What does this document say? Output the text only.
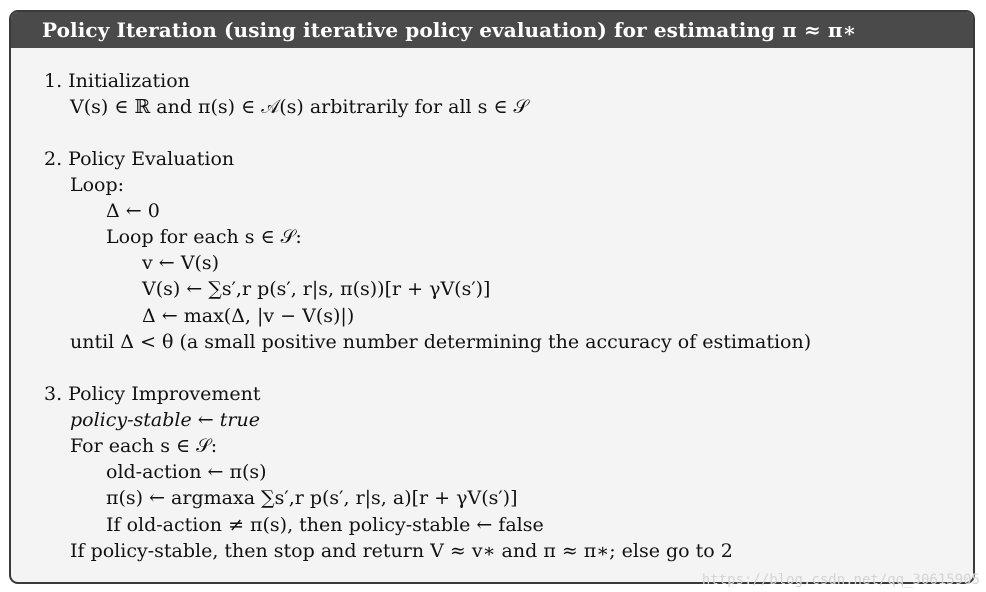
Policy Iteration (using iterative policy evaluation) for estimating π ≈ π∗
1. Initialization
V(s) ∈ ℝ and π(s) ∈ 𝒜(s) arbitrarily for all s ∈ 𝒮
2. Policy Evaluation
Loop:
Δ ← 0
Loop for each s ∈ 𝒮:
v ← V(s)
V(s) ← ∑s′,r p(s′, r|s, π(s))[r + γV(s′)]
Δ ← max(Δ, |v − V(s)|)
until Δ < θ (a small positive number determining the accuracy of estimation)
3. Policy Improvement
policy-stable ← true
For each s ∈ 𝒮:
old-action ← π(s)
π(s) ← argmaxa ∑s′,r p(s′, r|s, a)[r + γV(s′)]
If old-action ≠ π(s), then policy-stable ← false
If policy-stable, then stop and return V ≈ v∗ and π ≈ π∗; else go to 2
https://blog.csdn.net/qq_30615905
